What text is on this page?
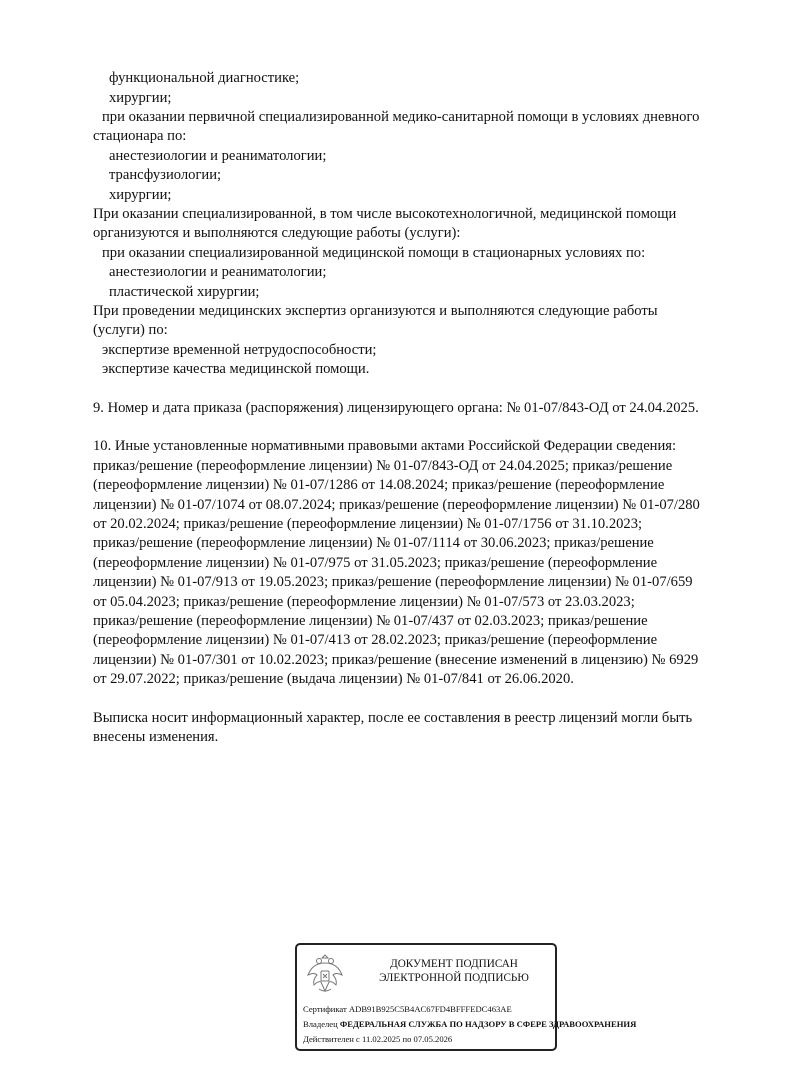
функциональной диагностике;
хирургии;
при оказании первичной специализированной медико-санитарной помощи в условиях дневного
стационара по:
анестезиологии и реаниматологии;
трансфузиологии;
хирургии;
При оказании специализированной, в том числе высокотехнологичной, медицинской помощи
организуются и выполняются следующие работы (услуги):
при оказании специализированной медицинской помощи в стационарных условиях по:
анестезиологии и реаниматологии;
пластической хирургии;
При проведении медицинских экспертиз организуются и выполняются следующие работы
(услуги) по:
экспертизе временной нетрудоспособности;
экспертизе качества медицинской помощи.
9. Номер и дата приказа (распоряжения) лицензирующего органа: № 01-07/843-ОД от 24.04.2025.
10. Иные установленные нормативными правовыми актами Российской Федерации сведения:
приказ/решение (переоформление лицензии) № 01-07/843-ОД от 24.04.2025; приказ/решение
(переоформление лицензии) № 01-07/1286 от 14.08.2024; приказ/решение (переоформление
лицензии) № 01-07/1074 от 08.07.2024; приказ/решение (переоформление лицензии) № 01-07/280
от 20.02.2024; приказ/решение (переоформление лицензии) № 01-07/1756 от 31.10.2023;
приказ/решение (переоформление лицензии) № 01-07/1114 от 30.06.2023; приказ/решение
(переоформление лицензии) № 01-07/975 от 31.05.2023; приказ/решение (переоформление
лицензии) № 01-07/913 от 19.05.2023; приказ/решение (переоформление лицензии) № 01-07/659
от 05.04.2023; приказ/решение (переоформление лицензии) № 01-07/573 от 23.03.2023;
приказ/решение (переоформление лицензии) № 01-07/437 от 02.03.2023; приказ/решение
(переоформление лицензии) № 01-07/413 от 28.02.2023; приказ/решение (переоформление
лицензии) № 01-07/301 от 10.02.2023; приказ/решение (внесение изменений в лицензию) № 6929
от 29.07.2022; приказ/решение (выдача лицензии) № 01-07/841 от 26.06.2020.
Выписка носит информационный характер, после ее составления в реестр лицензий могли быть
внесены изменения.
ДОКУМЕНТ ПОДПИСАН
ЭЛЕКТРОННОЙ ПОДПИСЬЮ
Сертификат ADB91B925C5B4AC67FD4BFFFEDC463AE
Владелец ФЕДЕРАЛЬНАЯ СЛУЖБА ПО НАДЗОРУ В СФЕРЕ ЗДРАВООХРАНЕНИЯ
Действителен с 11.02.2025 по 07.05.2026
